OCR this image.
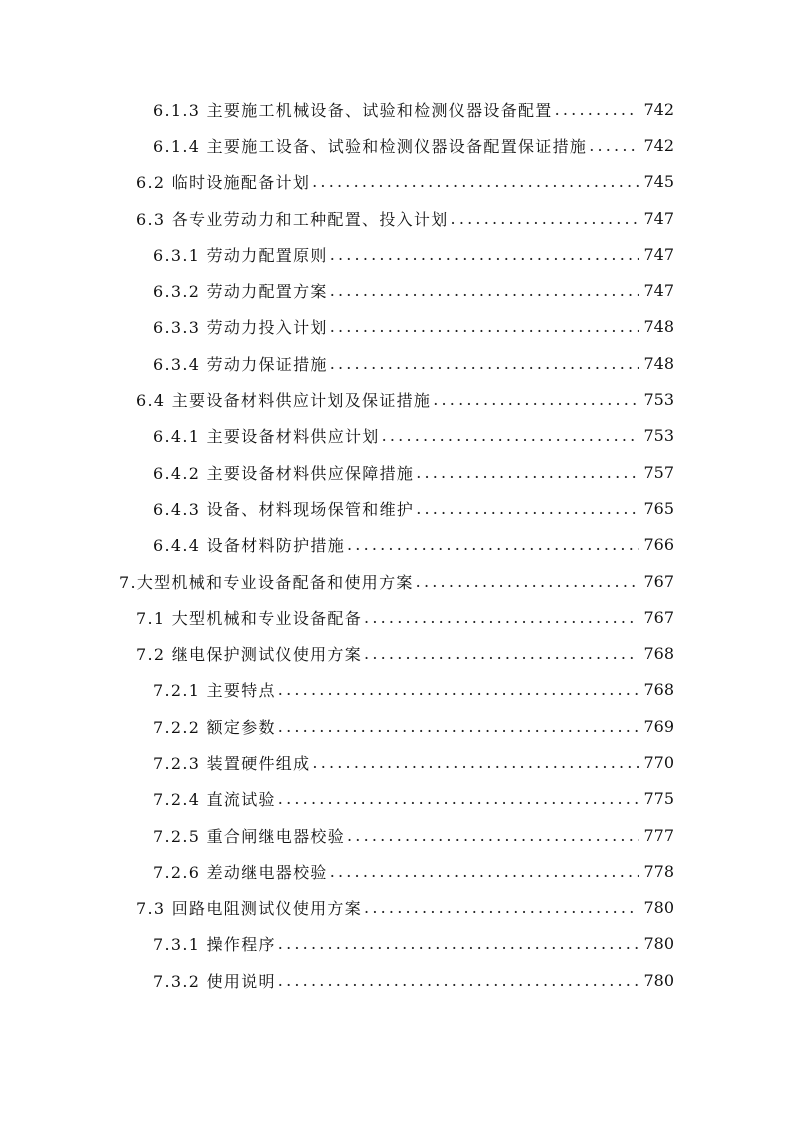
6.1.3 主要施工机械设备、试验和检测仪器设备配置 .....	742
6.1.4 主要施工设备、试验和检测仪器设备配置保证措施 .....	742
6.2 临时设施配备计划 .....	745
6.3 各专业劳动力和工种配置、投入计划 .....	747
6.3.1 劳动力配置原则 .....	747
6.3.2 劳动力配置方案 .....	747
6.3.3 劳动力投入计划 .....	748
6.3.4 劳动力保证措施 .....	748
6.4 主要设备材料供应计划及保证措施 .....	753
6.4.1 主要设备材料供应计划 .....	753
6.4.2 主要设备材料供应保障措施 .....	757
6.4.3 设备、材料现场保管和维护 .....	765
6.4.4 设备材料防护措施 .....	766
7.大型机械和专业设备配备和使用方案 .....	767
7.1 大型机械和专业设备配备 .....	767
7.2 继电保护测试仪使用方案 .....	768
7.2.1 主要特点 .....	768
7.2.2 额定参数 .....	769
7.2.3 装置硬件组成 .....	770
7.2.4 直流试验 .....	775
7.2.5 重合闸继电器校验 .....	777
7.2.6 差动继电器校验 .....	778
7.3 回路电阻测试仪使用方案 .....	780
7.3.1 操作程序 .....	780
7.3.2 使用说明 .....	780
